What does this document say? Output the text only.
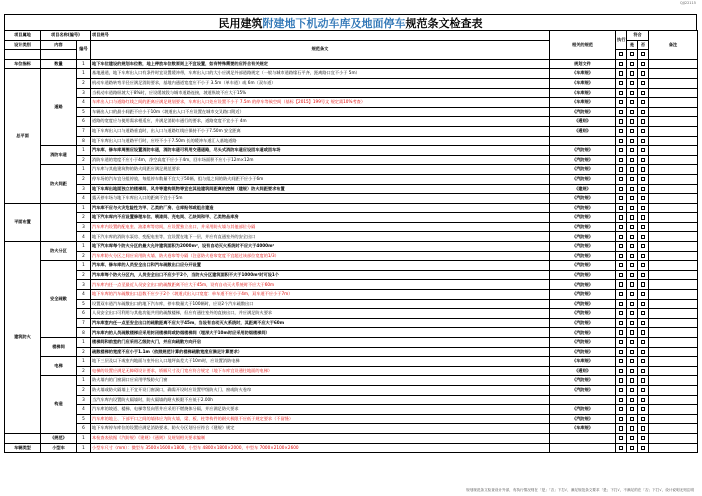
QJJ22115
民用建筑 附建地下机动车库及地面停车 规范条文检查表
项目属地	项目名称(编号)		项目规号	相关的规范	执行	符合		备注
设计类别	内容	编号	规范条文			是	否	

车位指标	数量	1	地下车位建设的规划车位数，地上停放车位数原则上不宜设置，如有特殊需要的应符合有关规定	规划文件				
总平面	道路	1	基地通道，地下车库出入口有条件时宜设置缓冲带，车库出入口的大小应满足外部道路规定（一般与城市道路缘石平齐，距离路口宜不小于 5m）	《车库规》				
		2	机动车道路转弯半径应满足消防要求，基地内通道宽度应不小于 3.5m（单车道）或 6m（双车道）	《车库规》				
		3	当机动车道路纵坡大于8%时，应设缓坡段与城市道路连接，坡道纵坡不应大于15%	《车库规》				
		4	车库出入口与道路红线之间的距离应满足规划要求，车库出入口处应设置不小于 7.5m 的停车等候空间（基标【2015】199号文 规定需10%考查）	《车库规》				
		5	车辆出入口的最小间距不应小于10m（坡道出入口不应设置在城市交叉路口附近）	《汽防规》				
		6	道路的宽度应与使用需求相适应，并满足消防车通行的要求，道路宽度不宜小于 4m	《通则》				
		7	地下车库出入口与道路垂直时，出入口与道路红线应保持不小于7.50m 安全距离	《通则》				
		8	地下车库出入口与道路平行时，应经不小于7.50m 长的缓冲车道汇入基地道路					
	消防车道	1	汽车库、修车库周围应设置消防车道，消防车道可利用交通道路，尽头式消防车道应设回车道或回车场	《汽防规》				
		2	消防车道的宽度不应小于4m，净空高度不应小于4m，回车场面积不应小于12m×12m	《汽防规》				
	防火间距	1	汽车库与其他建筑物的防火间距应满足规范要求	《汽防规》				
		2	停车场的汽车宜分组停放，每组停车数量不宜大于50辆，组与组之间的防火间距不应小于6m	《汽防规》				
		3	地下车库出地面独立的楼梯间、风井等建构筑物等宜在其他建筑间距离的控制（建规）防火间距要求布置	《建规》				
		4	露天停车场与地下车库出入口的距离不宜小于5m	《汽防规》				
平面布置		1	汽车库不应与火灾危险性为甲、乙类的厂房、仓库贴邻或组合建造	《汽防规》				
		2	地下汽车库内不应设置修理车位、喷漆间、充电间、乙炔间和甲、乙类物品库房	《汽防规》				
		3	汽车库内设置的配电室、油漆库等房间，应设置独立出口，并采用防火墙与其他部位分隔	《汽防规》				
		4	地下汽车库的消防水泵房、变配电室等，宜设置在地下一层，并应有直通室外的安全出口	《汽防规》				
建筑防火	防火分区	1	地下汽车库每个防火分区的最大允许建筑面积为2000m²，设有自动灭火系统时不应大于4000m²	《汽防规》				
		2	汽车库防火分区之间应采用防火墙、防火卷帘等分隔（注意防火卷帘宽度不宜超过该部位宽度的1/3）	《汽防规》				
	安全疏散	1	汽车库、修车库的人员安全出口和汽车疏散出口应分开设置	《汽防规》				
		2	汽车库每个防火分区内，人员安全出口不应少于2个，当防火分区建筑面积不大于1000m²时可设1个	《汽防规》				
		3	汽车库内任一点至最近人员安全出口的疏散距离不应大于45m，设有自动灭火系统时不应大于60m	《汽防规》				
		4	地下车库的汽车疏散出口总数不应少于2个（坡道式出入口宽度：单车道不应小于4m，双车道不应小于7m）	《汽防规》				
		5	设置双车道汽车疏散出口的地下汽车库，停车数量大于100辆时，应设2个汽车疏散出口	《汽防规》				
		6	人员安全出口可利用与其他功能共用的疏散楼梯，但应有通往室外的直接出口，并应满足防火要求	《汽防规》				
		7	汽车库室内任一点至安全出口的疏散距离不应大于45m，当设有自动灭火系统时，其距离不应大于60m	《汽防规》				
		8	汽车库内的人员疏散楼梯应采用封闭楼梯间或防烟楼梯间（埋深大于10m时应采用防烟楼梯间）	《汽防规》				
	楼梯间	1	楼梯间和前室的门应采用乙级防火门，并应向疏散方向开启	《汽防规》				
		2	疏散楼梯的宽度不应小于1.1m（依照规范计算的楼梯疏散宽度应满足计算要求）	《汽防规》				
	电梯	1	地下三层及以下或室内地面与室外出入口地坪高差大于10m时，应设置消防电梯	《车库规》				
		2	电梯的设置应满足无障碍设计要求，轿厢尺寸及门宽应符合规定（地下车库宜设通往地面的电梯）	《通则》				
	构造	1	防火墙内的门窗洞口应采用甲级防火门窗	《汽防规》				
		2	防火墙或防火隔墙上不宜开设门窗洞口，确需开设时应设置甲级防火门、窗或防火卷帘	《汽防规》				
		3	当汽车库内设置防火隔墙时，防火隔墙的耐火极限不应低于2.00h					
		4	汽车库的坡道、楼梯、电梯等竖向管井应采用不燃烧体分隔，并应满足防火要求	《汽防规》				
		5	汽车库的地上、下部平口之间的墙体应为防火墙，梁、板、柱等构件的耐火极限不应低于规定要求（不留缝）	《汽防规》				
		6	地下车库停车库位的设置应满足消防要求，防火分区划分应符合《建规》规定	《车库规》				
	《规范》	1	本检查表依据《汽防规》《建规》《通则》及规划相关要求编制					
车辆类型	小型车	1	小型车尺寸（mm）：微型车 3500×1600×1800，小型车 4800×1800×2000，中型车 7000×2100×2600					
规划规范条文检查设计外部，有执行情况则在「是」「否」下打√，满足规范条文要求「是」下打√，不满足的在「否」下打√，设计说明无则注明
